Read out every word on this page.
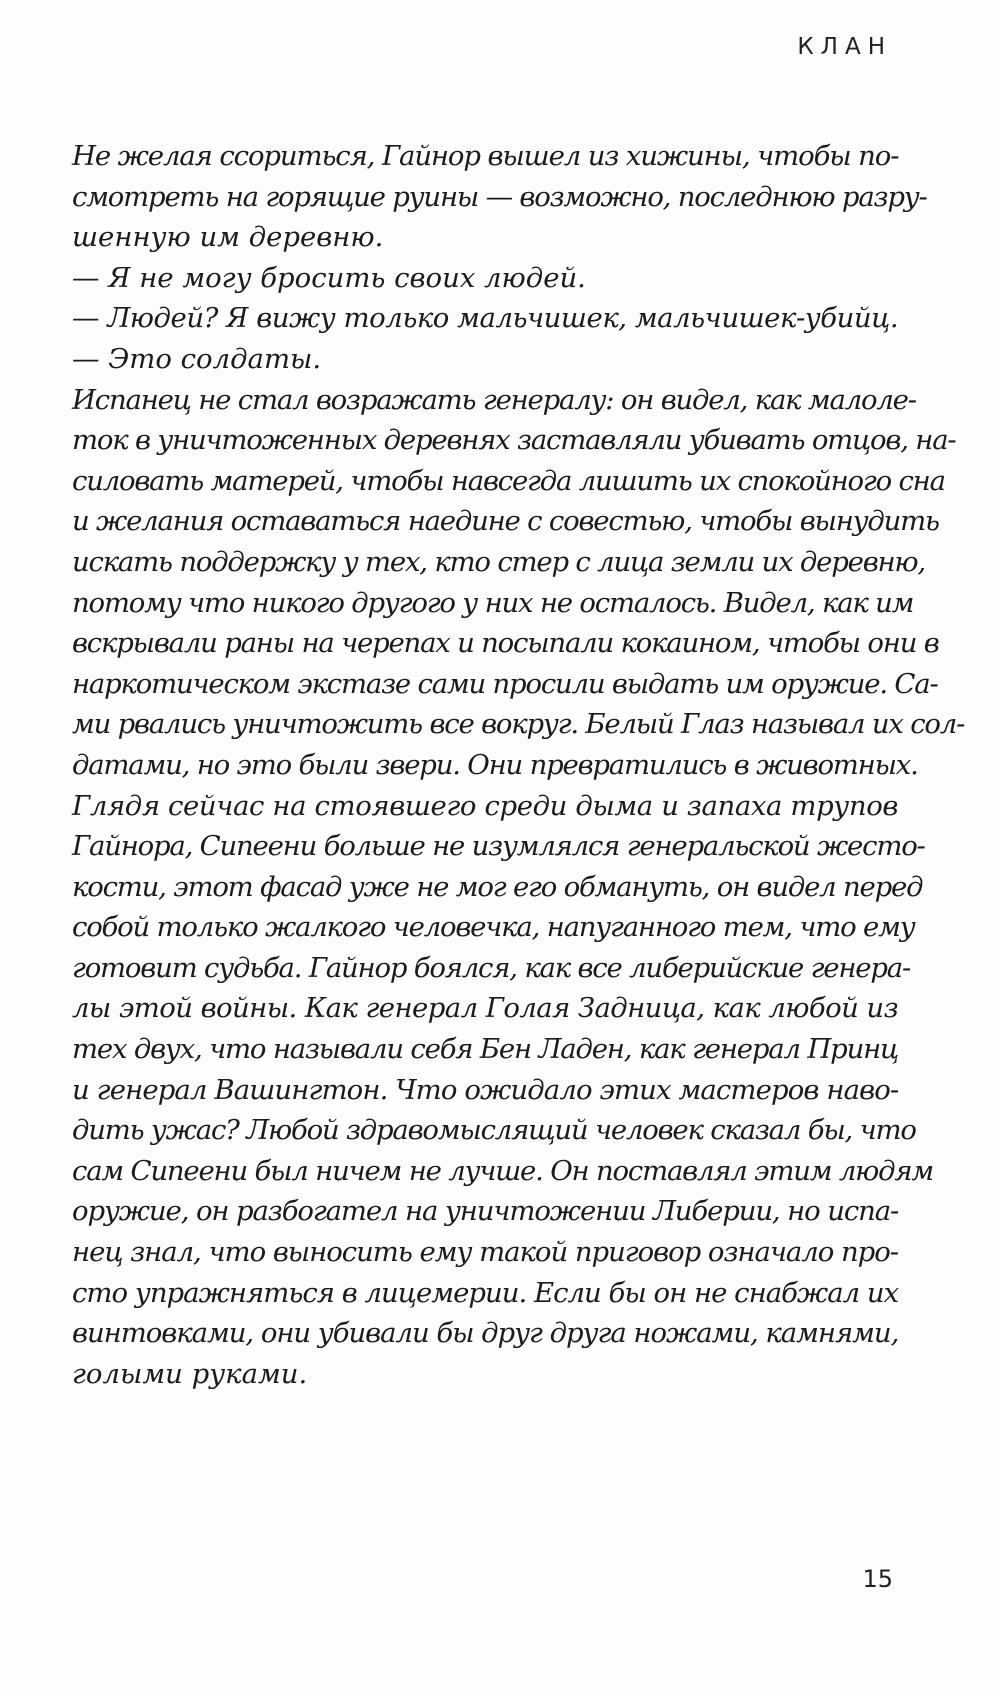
КЛАН
Не желая ссориться, Гайнор вышел из хижины, чтобы по-
смотреть на горящие руины — возможно, последнюю разру-
шенную им деревню.
— Я не могу бросить своих людей.
— Людей? Я вижу только мальчишек, мальчишек-убийц.
— Это солдаты.
Испанец не стал возражать генералу: он видел, как малоле-
ток в уничтоженных деревнях заставляли убивать отцов, на-
силовать матерей, чтобы навсегда лишить их спокойного сна
и желания оставаться наедине с совестью, чтобы вынудить
искать поддержку у тех, кто стер с лица земли их деревню,
потому что никого другого у них не осталось. Видел, как им
вскрывали раны на черепах и посыпали кокаином, чтобы они в
наркотическом экстазе сами просили выдать им оружие. Са-
ми рвались уничтожить все вокруг. Белый Глаз называл их сол-
датами, но это были звери. Они превратились в животных.
Глядя сейчас на стоявшего среди дыма и запаха трупов
Гайнора, Сипеени больше не изумлялся генеральской жесто-
кости, этот фасад уже не мог его обмануть, он видел перед
собой только жалкого человечка, напуганного тем, что ему
готовит судьба. Гайнор боялся, как все либерийские генера-
лы этой войны. Как генерал Голая Задница, как любой из
тех двух, что называли себя Бен Ладен, как генерал Принц
и генерал Вашингтон. Что ожидало этих мастеров наво-
дить ужас? Любой здравомыслящий человек сказал бы, что
сам Сипеени был ничем не лучше. Он поставлял этим людям
оружие, он разбогател на уничтожении Либерии, но испа-
нец знал, что выносить ему такой приговор означало про-
сто упражняться в лицемерии. Если бы он не снабжал их
винтовками, они убивали бы друг друга ножами, камнями,
голыми руками.
15
